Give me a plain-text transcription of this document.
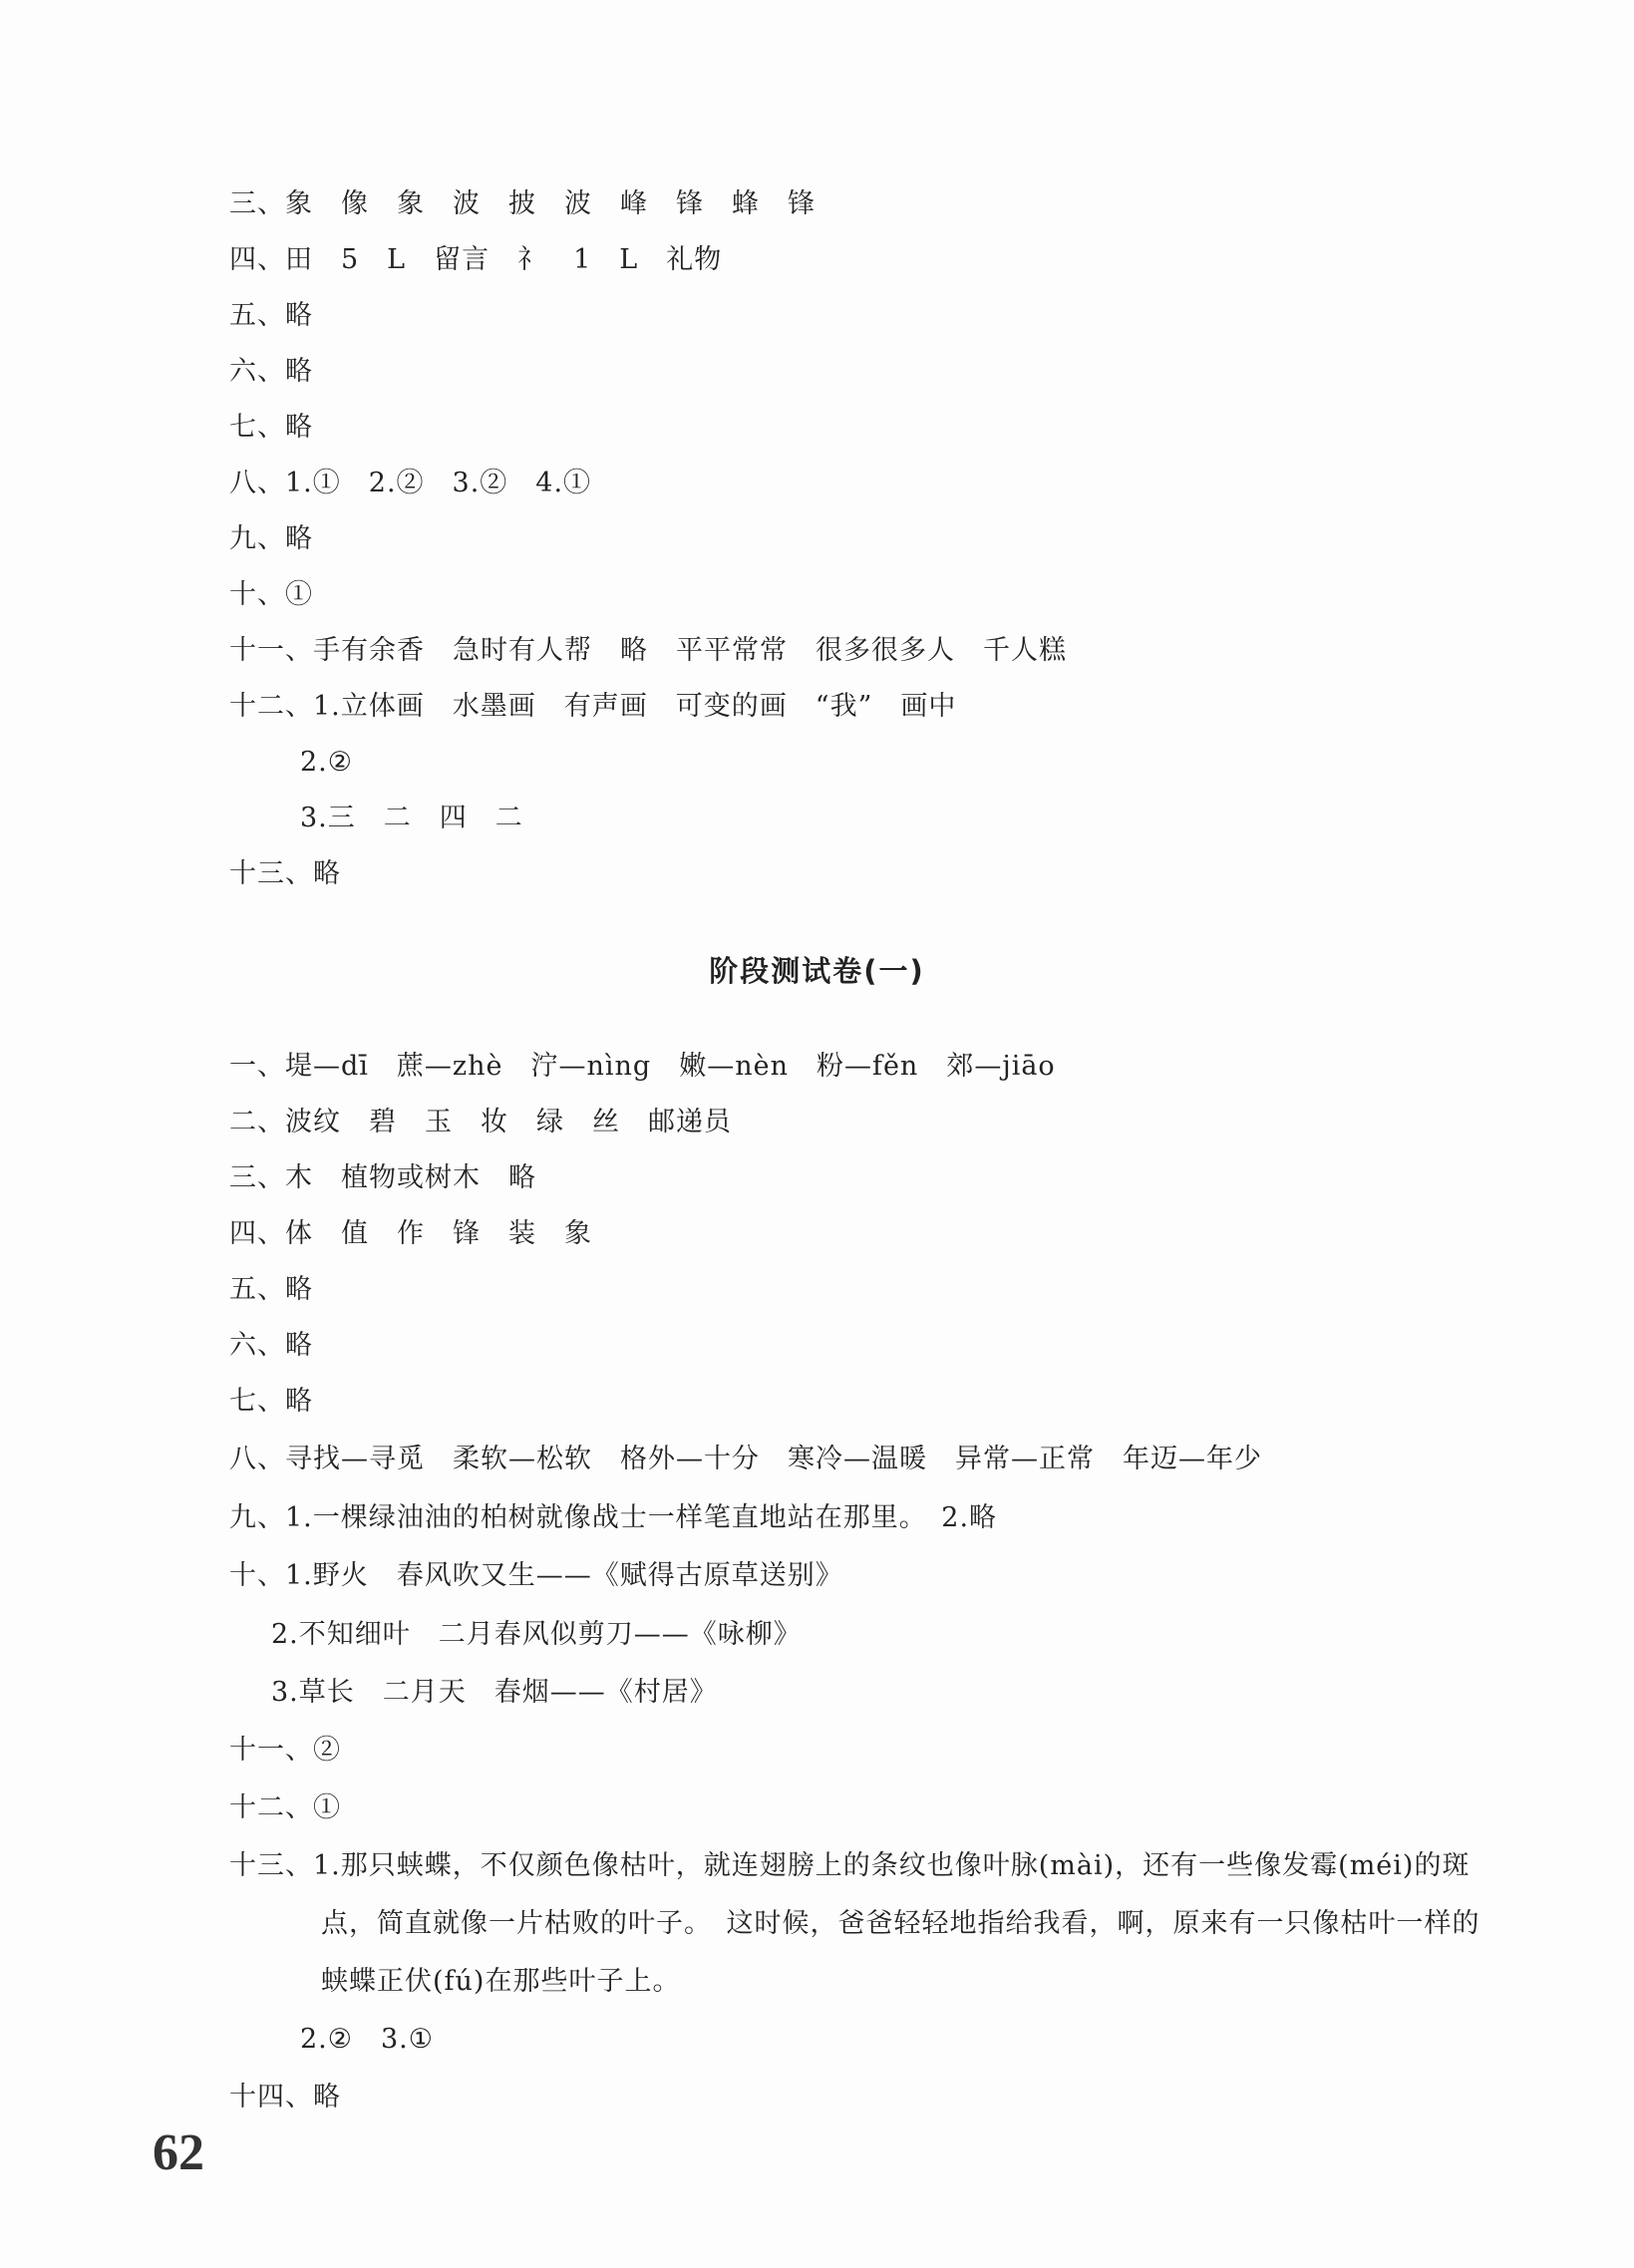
三、象　像　象　波　披　波　峰　锋　蜂　锋
四、田　5　L　留言　礻　1　L　礼物
五、略
六、略
七、略
八、1.①　2.②　3.②　4.①
九、略
十、①
十一、手有余香　急时有人帮　略　平平常常　很多很多人　千人糕
十二、1.立体画　水墨画　有声画　可变的画　“我”　画中
2.②
3.三　二　四　二
十三、略
阶段测试卷(一)
一、堤—dī　蔗—zhè　泞—nìng　嫩—nèn　粉—fěn　郊—jiāo
二、波纹　碧　玉　妆　绿　丝　邮递员
三、木　植物或树木　略
四、体　值　作　锋　装　象
五、略
六、略
七、略
八、寻找—寻觅　柔软—松软　格外—十分　寒冷—温暖　异常—正常　年迈—年少
九、1.一棵绿油油的柏树就像战士一样笔直地站在那里。　2.略
十、1.野火　春风吹又生——《赋得古原草送别》
2.不知细叶　二月春风似剪刀——《咏柳》
3.草长　二月天　春烟——《村居》
十一、②
十二、①
十三、1.那只蛱蝶，不仅颜色像枯叶，就连翅膀上的条纹也像叶脉(mài)，还有一些像发霉(méi)的斑
点，简直就像一片枯败的叶子。　这时候，爸爸轻轻地指给我看，啊，原来有一只像枯叶一样的
蛱蝶正伏(fú)在那些叶子上。
2.②　3.①
十四、略
62
